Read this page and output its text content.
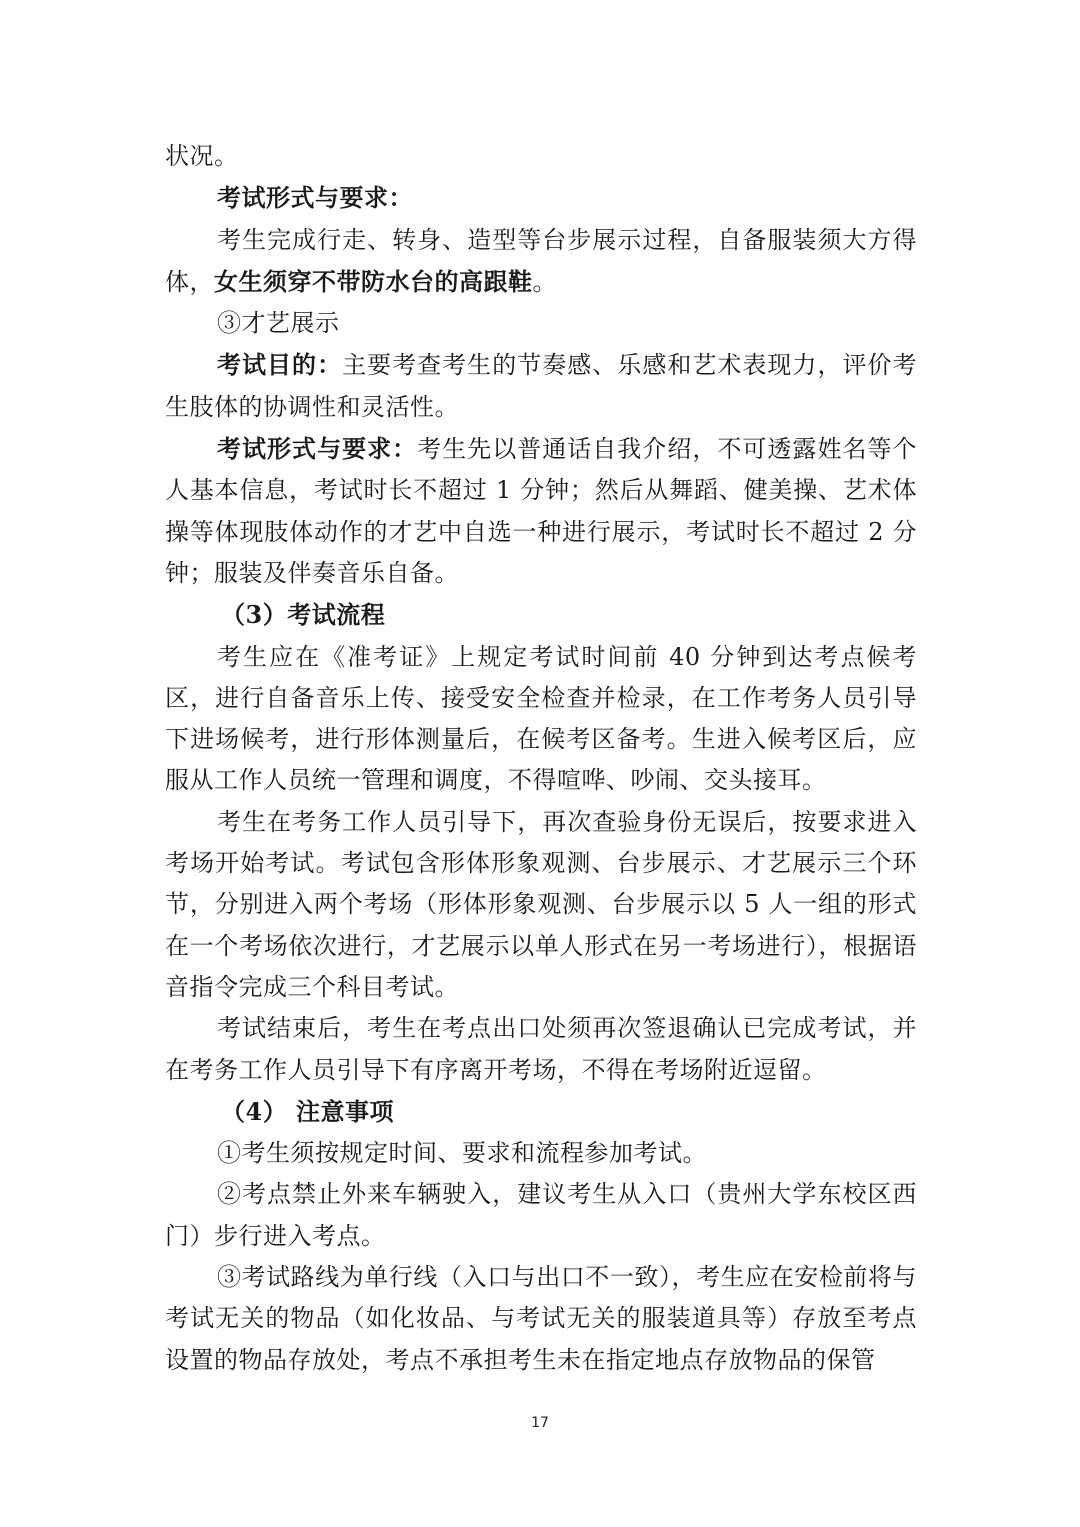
状况。

考试形式与要求：

考生完成行走、转身、造型等台步展示过程，自备服装须大方得体，女生须穿不带防水台的高跟鞋。

③才艺展示

考试目的：主要考查考生的节奏感、乐感和艺术表现力，评价考生肢体的协调性和灵活性。

考试形式与要求：考生先以普通话自我介绍，不可透露姓名等个人基本信息，考试时长不超过 1 分钟；然后从舞蹈、健美操、艺术体操等体现肢体动作的才艺中自选一种进行展示，考试时长不超过 2 分钟；服装及伴奏音乐自备。

（3）考试流程

考生应在《准考证》上规定考试时间前 40 分钟到达考点候考区，进行自备音乐上传、接受安全检查并检录，在工作考务人员引导下进场候考，进行形体测量后，在候考区备考。生进入候考区后，应服从工作人员统一管理和调度，不得喧哗、吵闹、交头接耳。

考生在考务工作人员引导下，再次查验身份无误后，按要求进入考场开始考试。考试包含形体形象观测、台步展示、才艺展示三个环节，分别进入两个考场（形体形象观测、台步展示以 5 人一组的形式在一个考场依次进行，才艺展示以单人形式在另一考场进行），根据语音指令完成三个科目考试。

考试结束后，考生在考点出口处须再次签退确认已完成考试，并在考务工作人员引导下有序离开考场，不得在考场附近逗留。

（4） 注意事项

①考生须按规定时间、要求和流程参加考试。

②考点禁止外来车辆驶入，建议考生从入口（贵州大学东校区西门）步行进入考点。

③考试路线为单行线（入口与出口不一致），考生应在安检前将与考试无关的物品（如化妆品、与考试无关的服装道具等）存放至考点设置的物品存放处，考点不承担考生未在指定地点存放物品的保管

17
